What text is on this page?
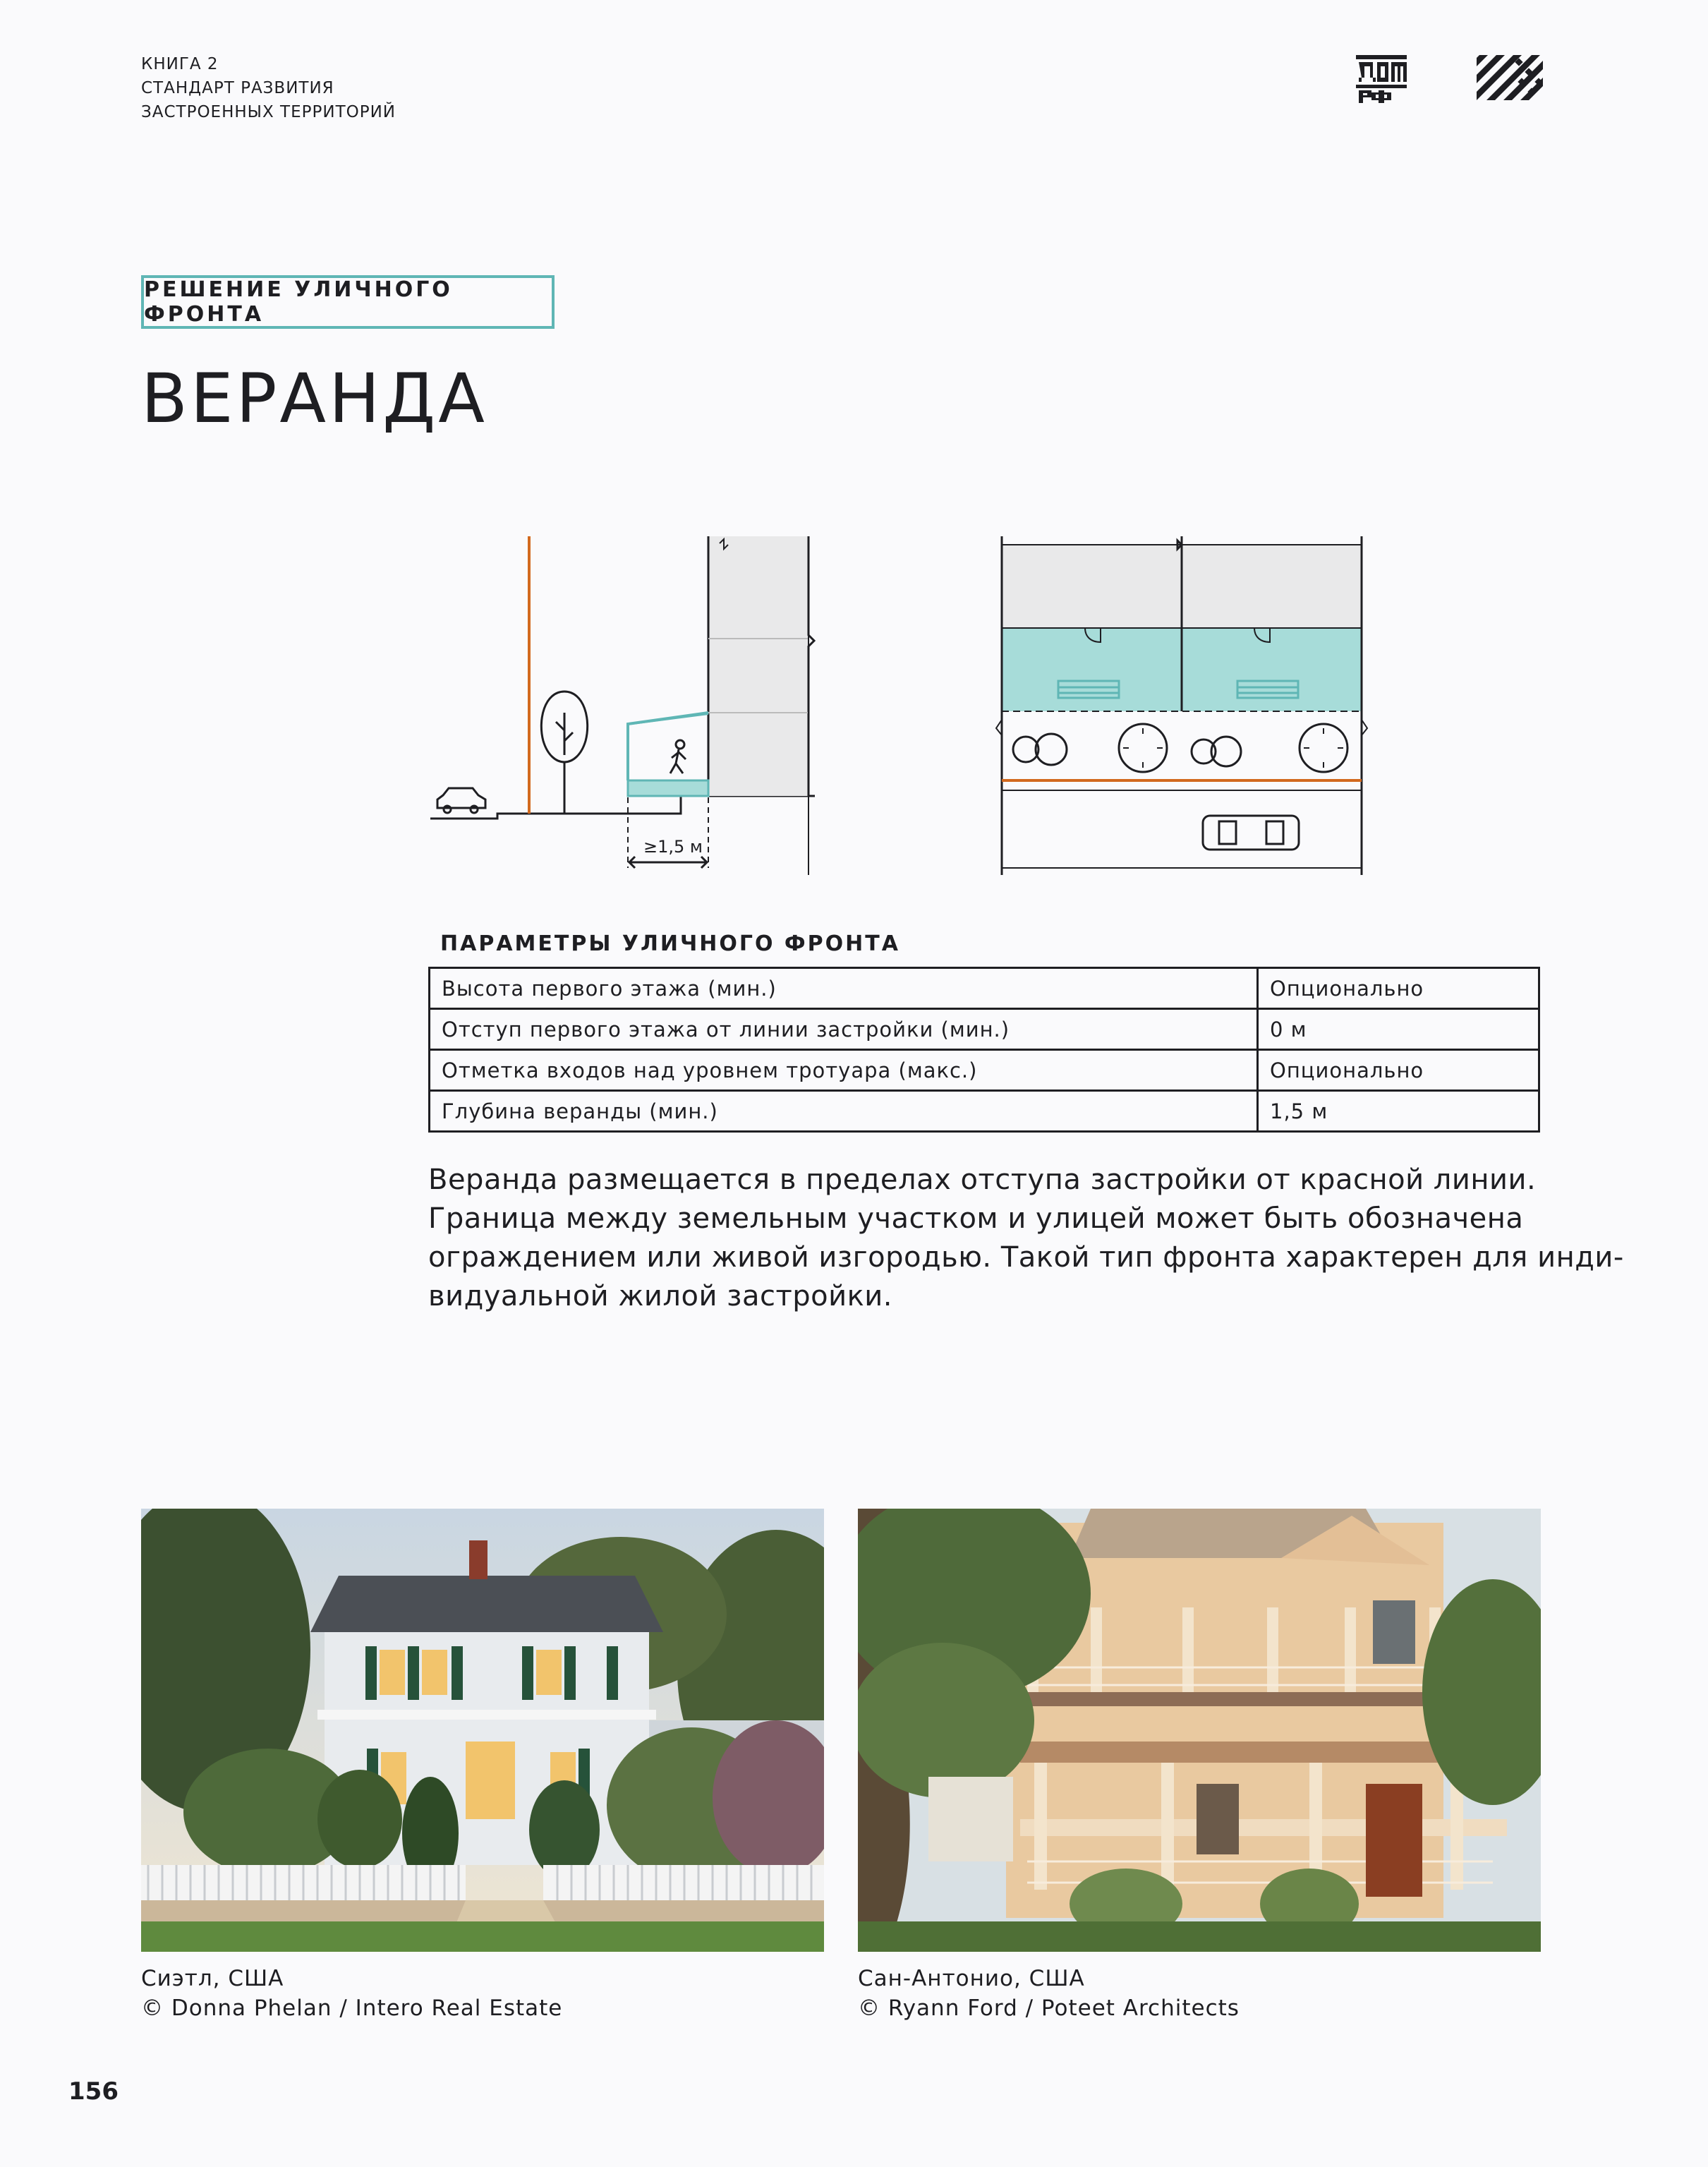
КНИГА 2
СТАНДАРТ РАЗВИТИЯ
ЗАСТРОЕННЫХ ТЕРРИТОРИЙ
РЕШЕНИЕ УЛИЧНОГО ФРОНТА
ВЕРАНДА
≥1,5 м
ПАРАМЕТРЫ УЛИЧНОГО ФРОНТА
Высота первого этажа (мин.)	Опционально
Отступ первого этажа от линии застройки (мин.)	0 м
Отметка входов над уровнем тротуара (макс.)	Опционально
Глубина веранды (мин.)	1,5 м
Веранда размещается в пределах отступа застройки от красной линии.
Граница между земельным участком и улицей может быть обозначена
ограждением или живой изгородью. Такой тип фронта характерен для инди-
видуальной жилой застройки.
Сиэтл, США
© Donna Phelan / Intero Real Estate
Сан-Антонио, США
© Ryann Ford / Poteet Architects
156
